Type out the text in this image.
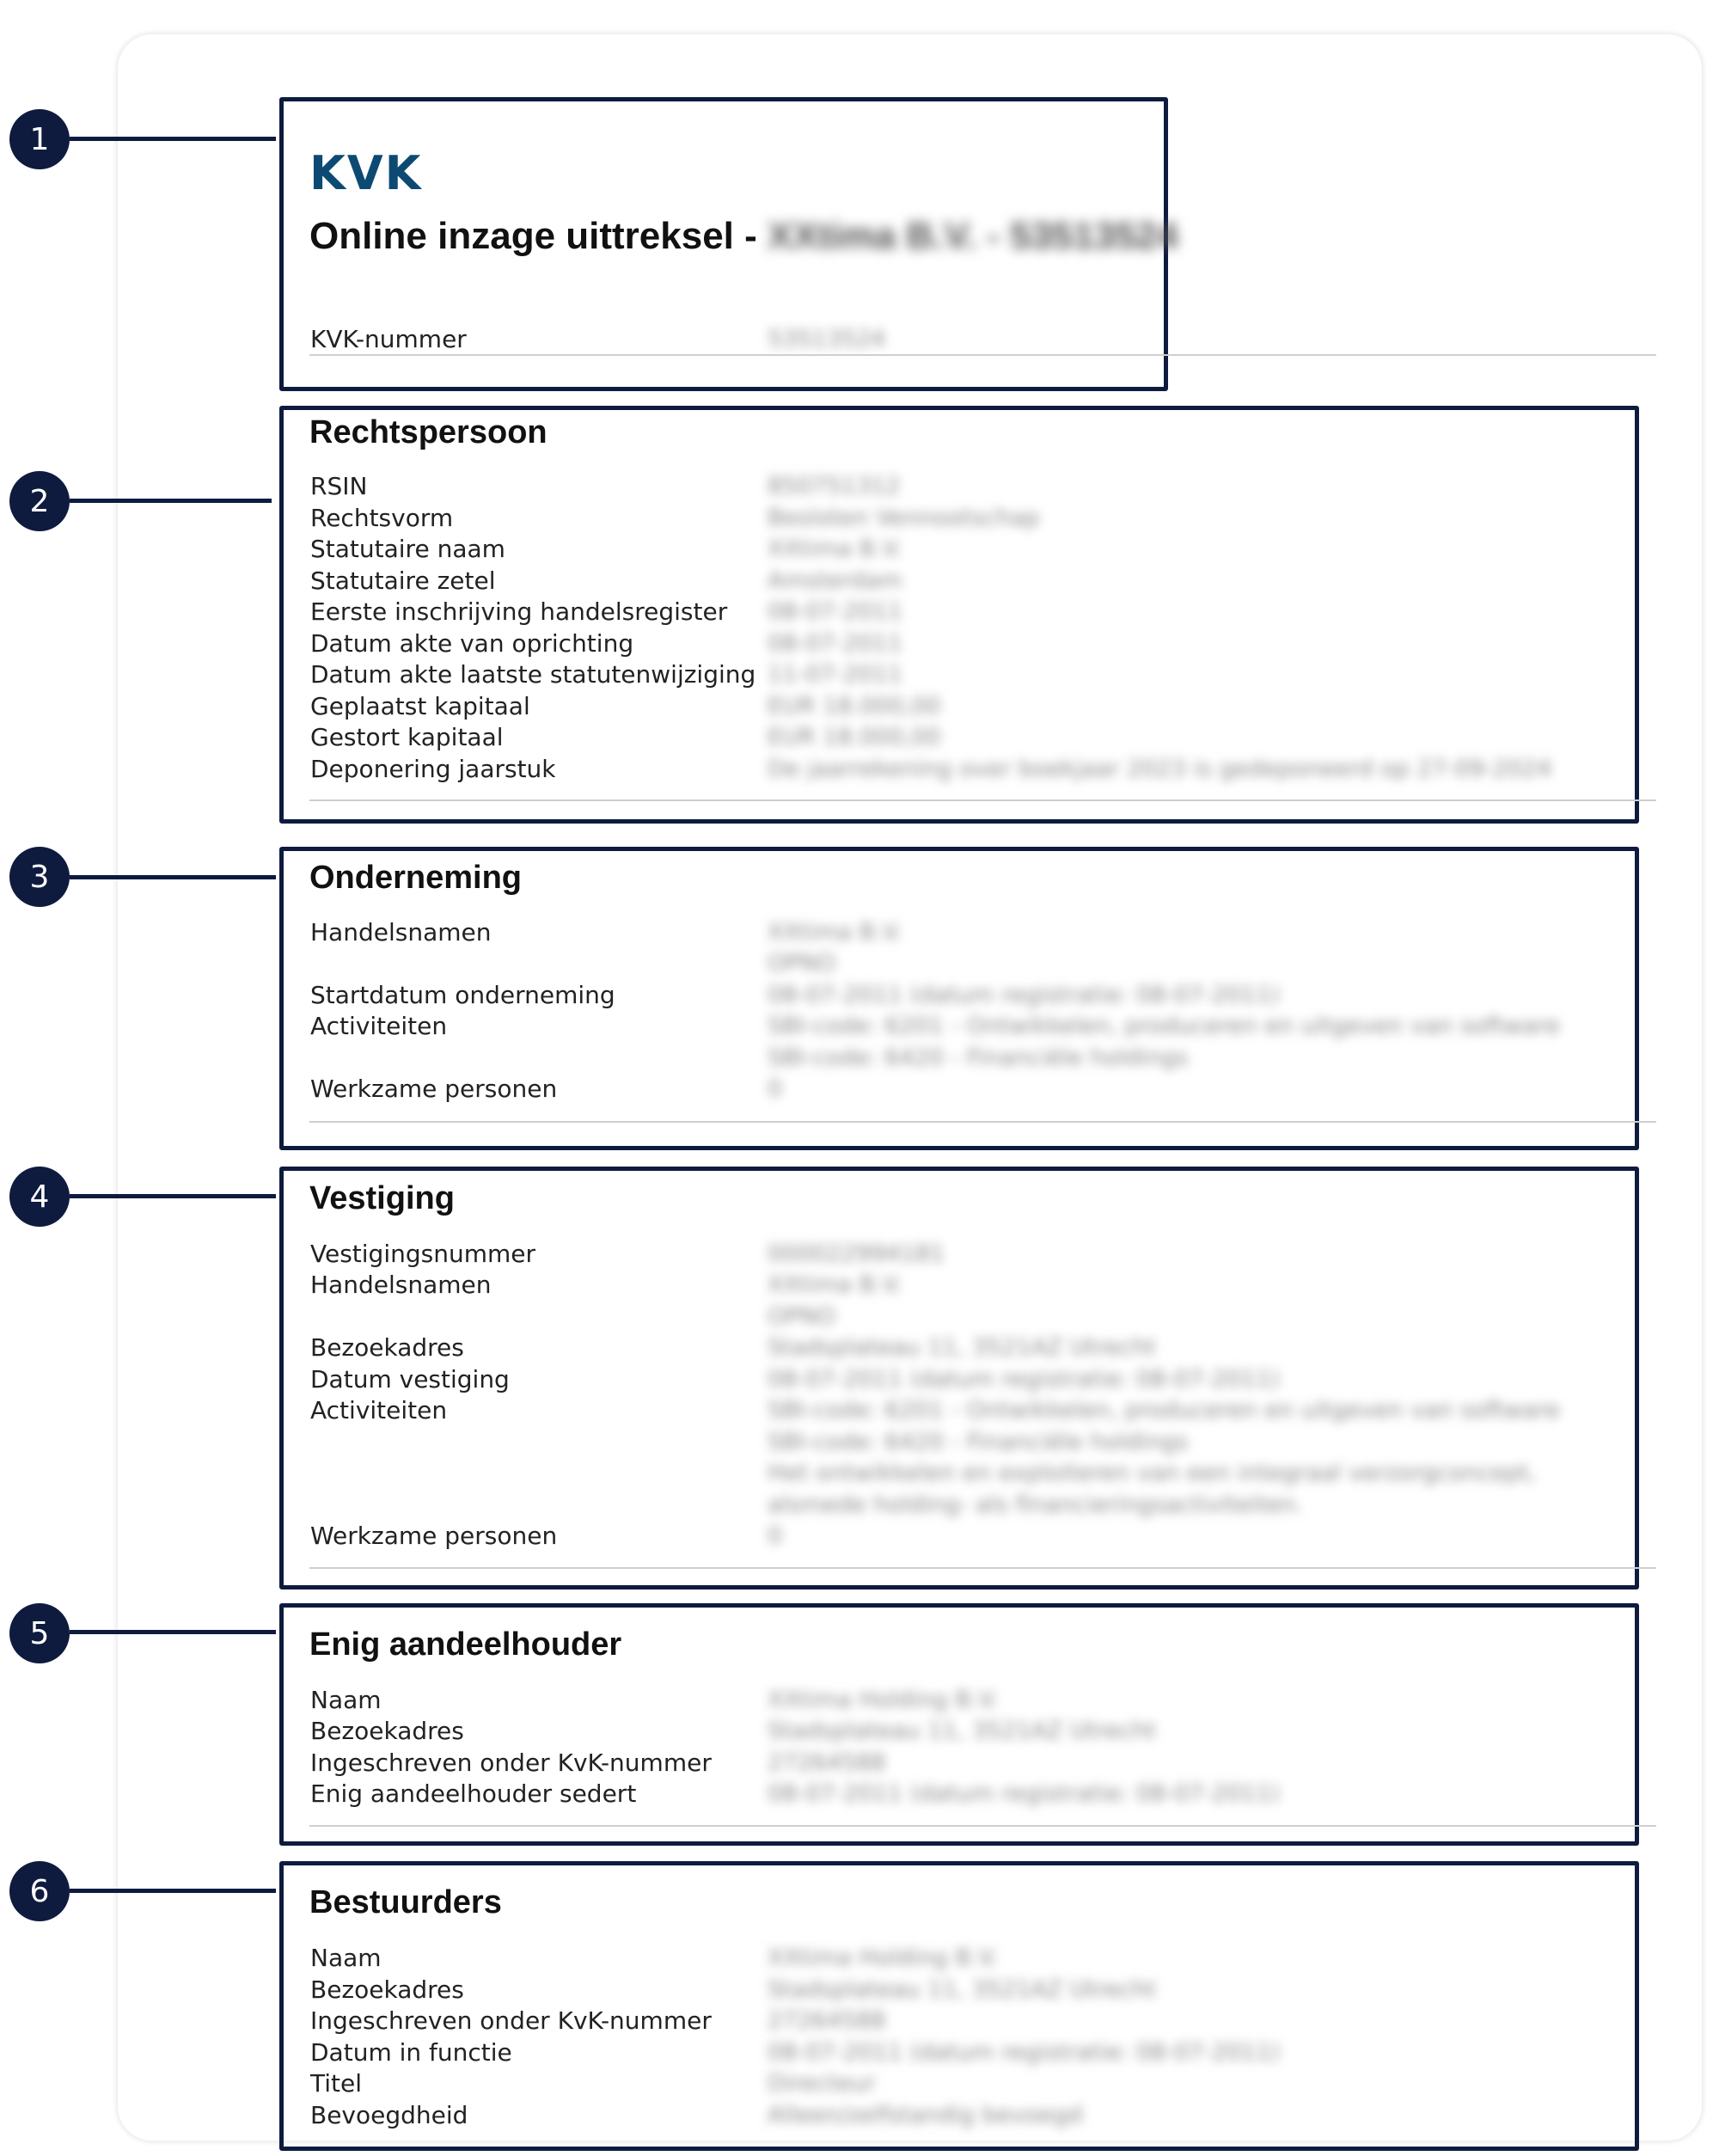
1
2
3
4
5
6
KVK
Online inzage uittreksel - XXtima B.V. - 53513524
KVK-nummer	53513524
Rechtspersoon
RSIN
Rechtsvorm
Statutaire naam
Statutaire zetel
Eerste inschrijving handelsregister
Datum akte van oprichting
Datum akte laatste statutenwijziging
Geplaatst kapitaal
Gestort kapitaal
Deponering jaarstuk
850751312
Besloten Vennootschap
XXtima B.V.
Amsterdam
08-07-2011
08-07-2011
11-07-2011
EUR 18.000,00
EUR 18.000,00
De jaarrekening over boekjaar 2023 is gedeponeerd op 27-09-2024
Onderneming
Handelsnamen
Startdatum onderneming
Activiteiten
Werkzame personen
XXtima B.V.
OPNO
08-07-2011 (datum registratie: 08-07-2011)
SBI-code: 6201 - Ontwikkelen, produceren en uitgeven van software
SBI-code: 6420 - Financiële holdings
0
Vestiging
Vestigingsnummer
Handelsnamen
Bezoekadres
Datum vestiging
Activiteiten
Werkzame personen
000022994181
XXtima B.V.
OPNO
Stadsplateau 11, 3521AZ Utrecht
08-07-2011 (datum registratie: 08-07-2011)
SBI-code: 6201 - Ontwikkelen, produceren en uitgeven van software
SBI-code: 6420 - Financiële holdings
Het ontwikkelen en exploiteren van een integraal verzorgconcept,
alsmede holding- als financieringsactiviteiten.
0
Enig aandeelhouder
Naam
Bezoekadres
Ingeschreven onder KvK-nummer
Enig aandeelhouder sedert
XXtima Holding B.V.
Stadsplateau 11, 3521AZ Utrecht
27264588
08-07-2011 (datum registratie: 08-07-2011)
Bestuurders
Naam
Bezoekadres
Ingeschreven onder KvK-nummer
Datum in functie
Titel
Bevoegdheid
XXtima Holding B.V.
Stadsplateau 11, 3521AZ Utrecht
27264588
08-07-2011 (datum registratie: 08-07-2011)
Directeur
Alleen/zelfstandig bevoegd
